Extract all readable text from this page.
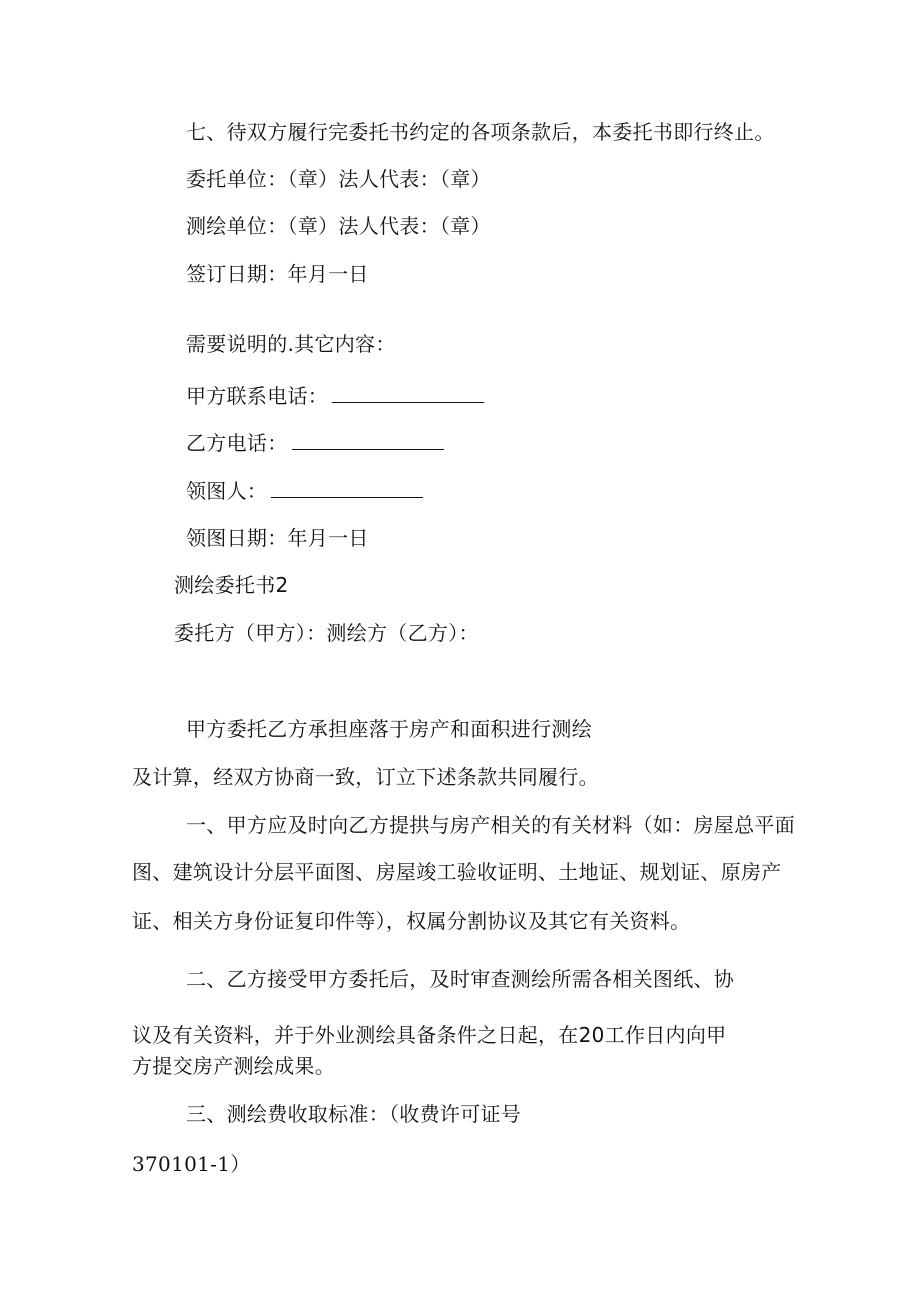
七、待双方履行完委托书约定的各项条款后，本委托书即行终止。
委托单位：（章）法人代表：（章）
测绘单位：（章）法人代表：（章）
签订日期：年月一日
需要说明的.其它内容：
甲方联系电话：
乙方电话：
领图人：
领图日期：年月一日
测绘委托书2
委托方（甲方）：测绘方（乙方）：
甲方委托乙方承担座落于房产和面积进行测绘
及计算，经双方协商一致，订立下述条款共同履行。
一、甲方应及时向乙方提拱与房产相关的有关材料（如：房屋总平面
图、建筑设计分层平面图、房屋竣工验收证明、土地证、规划证、原房产
证、相关方身份证复印件等），权属分割协议及其它有关资料。
二、乙方接受甲方委托后，及时审查测绘所需各相关图纸、协
议及有关资料，并于外业测绘具备条件之日起，在20工作日内向甲
方提交房产测绘成果。
三、测绘费收取标准：（收费许可证号
370101-1）
